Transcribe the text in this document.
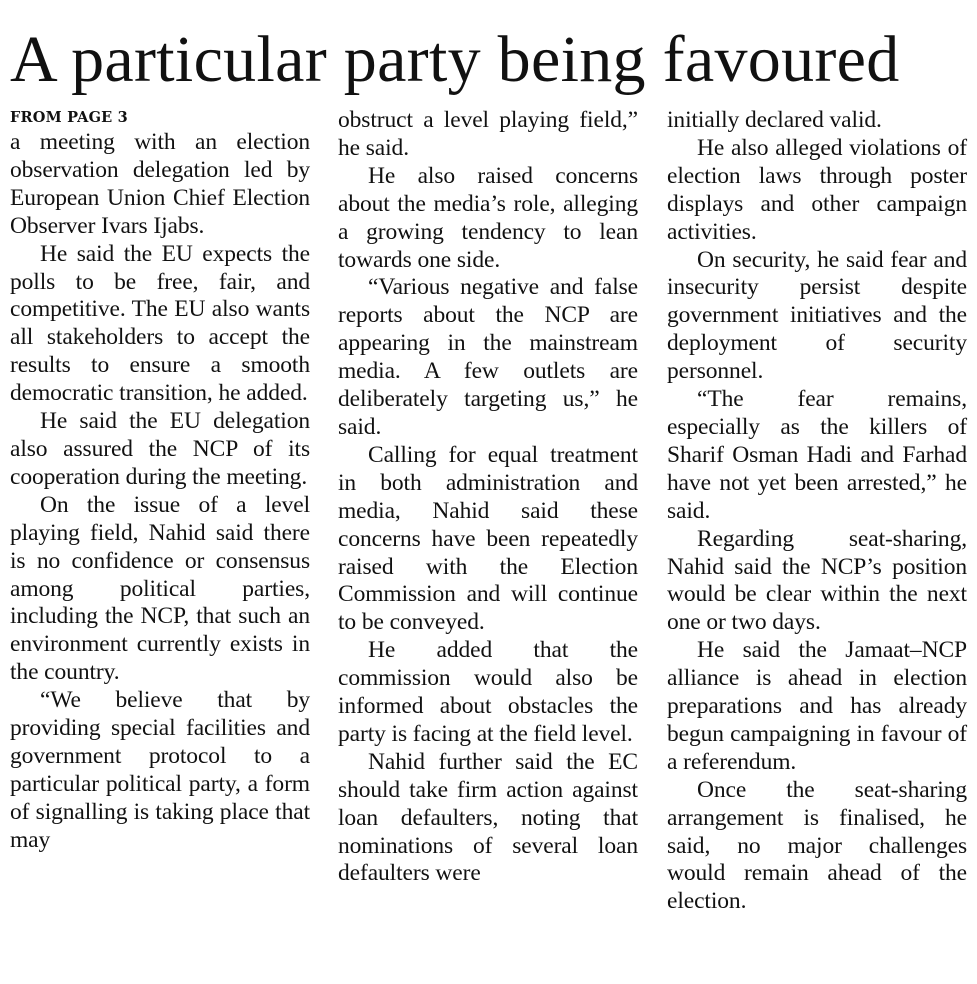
A particular party being favoured
FROM PAGE 3

a meeting with an election observation delegation led by European Union Chief Election Observer Ivars Ijabs.

He said the EU expects the polls to be free, fair, and competitive. The EU also wants all stakeholders to accept the results to ensure a smooth democratic transition, he added.

He said the EU delegation also assured the NCP of its cooperation during the meeting.

On the issue of a level playing field, Nahid said there is no confidence or consensus among political parties, including the NCP, that such an environment currently exists in the country.

“We believe that by providing special facilities and government protocol to a particular political party, a form of signalling is taking place that may

obstruct a level playing field,” he said.

He also raised concerns about the media’s role, alleging a growing tendency to lean towards one side.

“Various negative and false reports about the NCP are appearing in the mainstream media. A few outlets are deliberately targeting us,” he said.

Calling for equal treatment in both administration and media, Nahid said these concerns have been repeatedly raised with the Election Commission and will continue to be conveyed.

He added that the commission would also be informed about obstacles the party is facing at the field level.

Nahid further said the EC should take firm action against loan defaulters, noting that nominations of several loan defaulters were

initially declared valid.

He also alleged violations of election laws through poster displays and other campaign activities.

On security, he said fear and insecurity persist despite government initiatives and the deployment of security personnel.

“The fear remains, especially as the killers of Sharif Osman Hadi and Farhad have not yet been arrested,” he said.

Regarding seat-sharing, Nahid said the NCP’s position would be clear within the next one or two days.

He said the Jamaat–NCP alliance is ahead in election preparations and has already begun campaigning in favour of a referendum.

Once the seat-sharing arrangement is finalised, he said, no major challenges would remain ahead of the election.
